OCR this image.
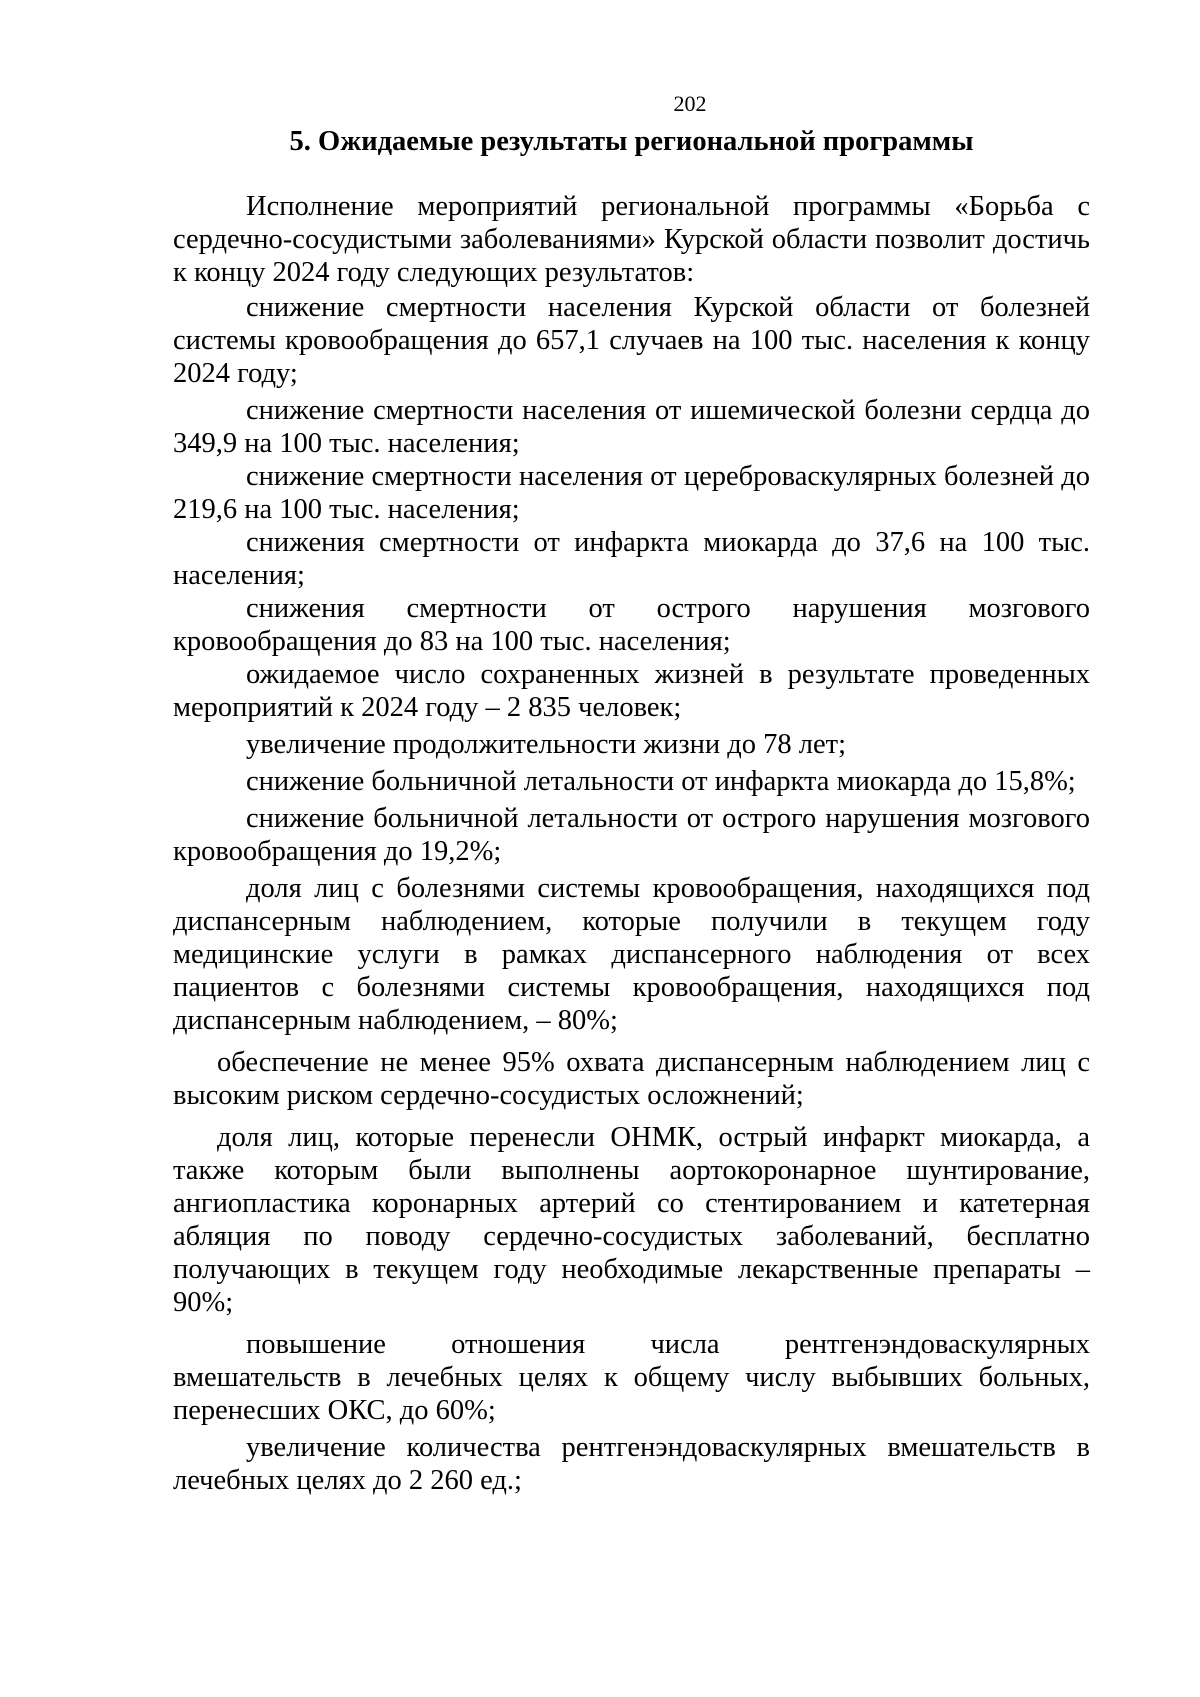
202
5. Ожидаемые результаты региональной программы

Исполнение мероприятий региональной программы «Борьба с сердечно-сосудистыми заболеваниями» Курской области позволит достичь к концу 2024 году следующих результатов:

снижение смертности населения Курской области от болезней системы кровообращения до 657,1 случаев на 100 тыс. населения к концу 2024 году;

снижение смертности населения от ишемической болезни сердца до 349,9 на 100 тыс. населения;

снижение смертности населения от цереброваскулярных болезней до 219,6 на 100 тыс. населения;

снижения смертности от инфаркта миокарда до 37,6 на 100 тыс. населения;

снижения смертности от острого нарушения мозгового кровообращения до 83 на 100 тыс. населения;

ожидаемое число сохраненных жизней в результате проведенных мероприятий к 2024 году – 2 835 человек;

увеличение продолжительности жизни до 78 лет;

снижение больничной летальности от инфаркта миокарда до 15,8%;

снижение больничной летальности от острого нарушения мозгового кровообращения до 19,2%;

доля лиц с болезнями системы кровообращения, находящихся под диспансерным наблюдением, которые получили в текущем году медицинские услуги в рамках диспансерного наблюдения от всех пациентов с болезнями системы кровообращения, находящихся под диспансерным наблюдением, – 80%;

обеспечение не менее 95% охвата диспансерным наблюдением лиц с высоким риском сердечно-сосудистых осложнений;

доля лиц, которые перенесли ОНМК, острый инфаркт миокарда, а также которым были выполнены аортокоронарное шунтирование, ангиопластика коронарных артерий со стентированием и катетерная абляция по поводу сердечно-сосудистых заболеваний, бесплатно получающих в текущем году необходимые лекарственные препараты – 90%;

повышение отношения числа рентгенэндоваскулярных вмешательств в лечебных целях к общему числу выбывших больных, перенесших ОКС, до 60%;

увеличение количества рентгенэндоваскулярных вмешательств в лечебных целях до 2 260 ед.;
